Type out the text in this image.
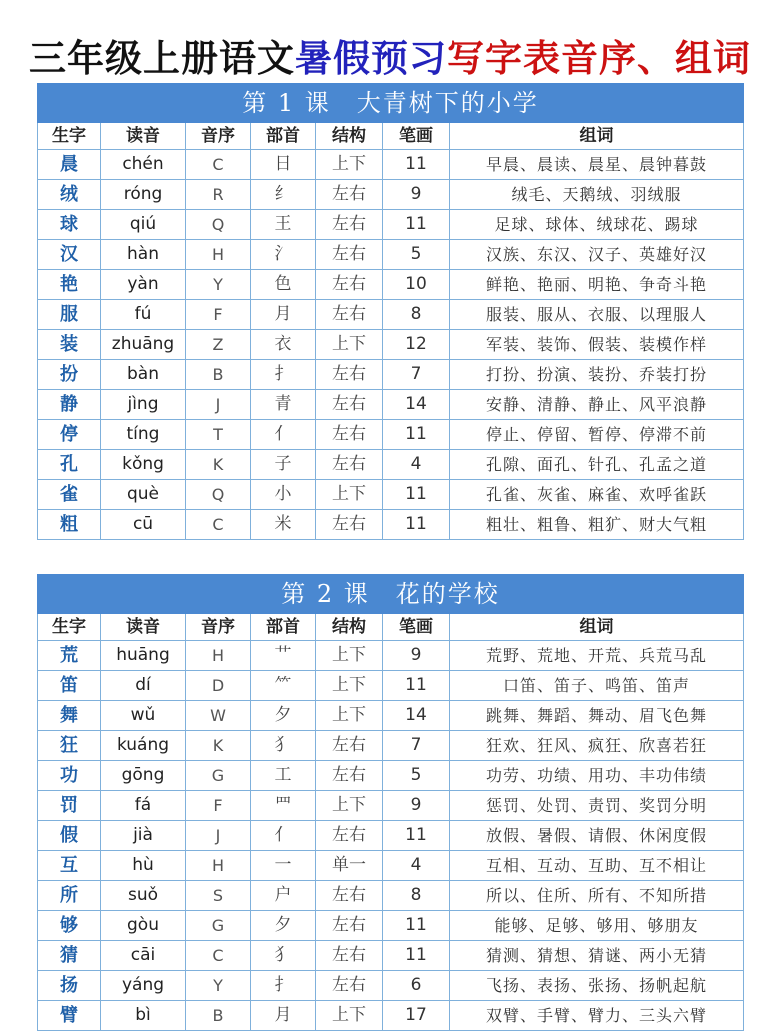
三年级上册语文暑假预习写字表音序、组词
第 1 课　大青树下的小学						
生字	读音	音序	部首	结构	笔画	组词
晨	chén	C	日	上下	11	早晨、晨读、晨星、晨钟暮鼓
绒	róng	R	纟	左右	9	绒毛、天鹅绒、羽绒服
球	qiú	Q	王	左右	11	足球、球体、绒球花、踢球
汉	hàn	H	氵	左右	5	汉族、东汉、汉子、英雄好汉
艳	yàn	Y	色	左右	10	鲜艳、艳丽、明艳、争奇斗艳
服	fú	F	月	左右	8	服装、服从、衣服、以理服人
装	zhuāng	Z	衣	上下	12	军装、装饰、假装、装模作样
扮	bàn	B	扌	左右	7	打扮、扮演、装扮、乔装打扮
静	jìng	J	青	左右	14	安静、清静、静止、风平浪静
停	tíng	T	亻	左右	11	停止、停留、暂停、停滞不前
孔	kǒng	K	子	左右	4	孔隙、面孔、针孔、孔孟之道
雀	què	Q	小	上下	11	孔雀、灰雀、麻雀、欢呼雀跃
粗	cū	C	米	左右	11	粗壮、粗鲁、粗犷、财大气粗
第 2 课　花的学校						
生字	读音	音序	部首	结构	笔画	组词
荒	huāng	H	艹	上下	9	荒野、荒地、开荒、兵荒马乱
笛	dí	D	⺮	上下	11	口笛、笛子、鸣笛、笛声
舞	wǔ	W	夕	上下	14	跳舞、舞蹈、舞动、眉飞色舞
狂	kuáng	K	犭	左右	7	狂欢、狂风、疯狂、欣喜若狂
功	gōng	G	工	左右	5	功劳、功绩、用功、丰功伟绩
罚	fá	F	罒	上下	9	惩罚、处罚、责罚、奖罚分明
假	jià	J	亻	左右	11	放假、暑假、请假、休闲度假
互	hù	H	一	单一	4	互相、互动、互助、互不相让
所	suǒ	S	户	左右	8	所以、住所、所有、不知所措
够	gòu	G	夕	左右	11	能够、足够、够用、够朋友
猜	cāi	C	犭	左右	11	猜测、猜想、猜谜、两小无猜
扬	yáng	Y	扌	左右	6	飞扬、表扬、张扬、扬帆起航
臂	bì	B	月	上下	17	双臂、手臂、臂力、三头六臂
